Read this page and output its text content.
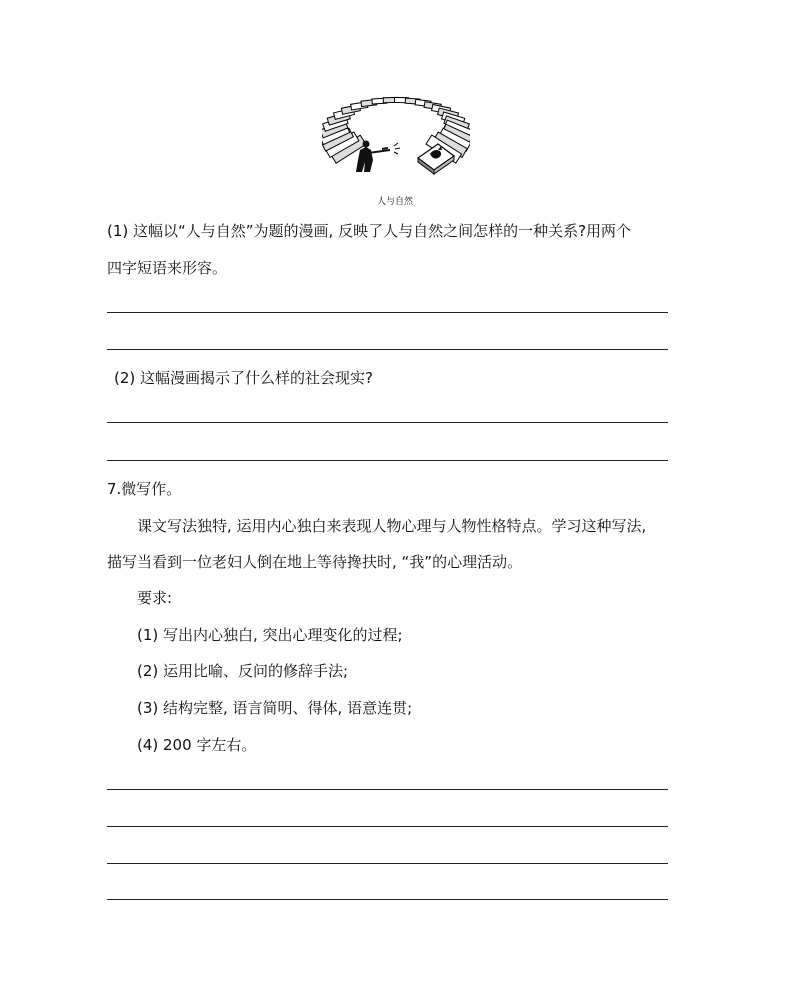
人与自然
(1) 这幅以“人与自然”为题的漫画, 反映了人与自然之间怎样的一种关系?用两个
四字短语来形容。
(2) 这幅漫画揭示了什么样的社会现实?
7.微写作。
课文写法独特, 运用内心独白来表现人物心理与人物性格特点。学习这种写法,
描写当看到一位老妇人倒在地上等待搀扶时, “我”的心理活动。
要求:
(1) 写出内心独白, 突出心理变化的过程;
(2) 运用比喻、反问的修辞手法;
(3) 结构完整, 语言简明、得体, 语意连贯;
(4) 200 字左右。
